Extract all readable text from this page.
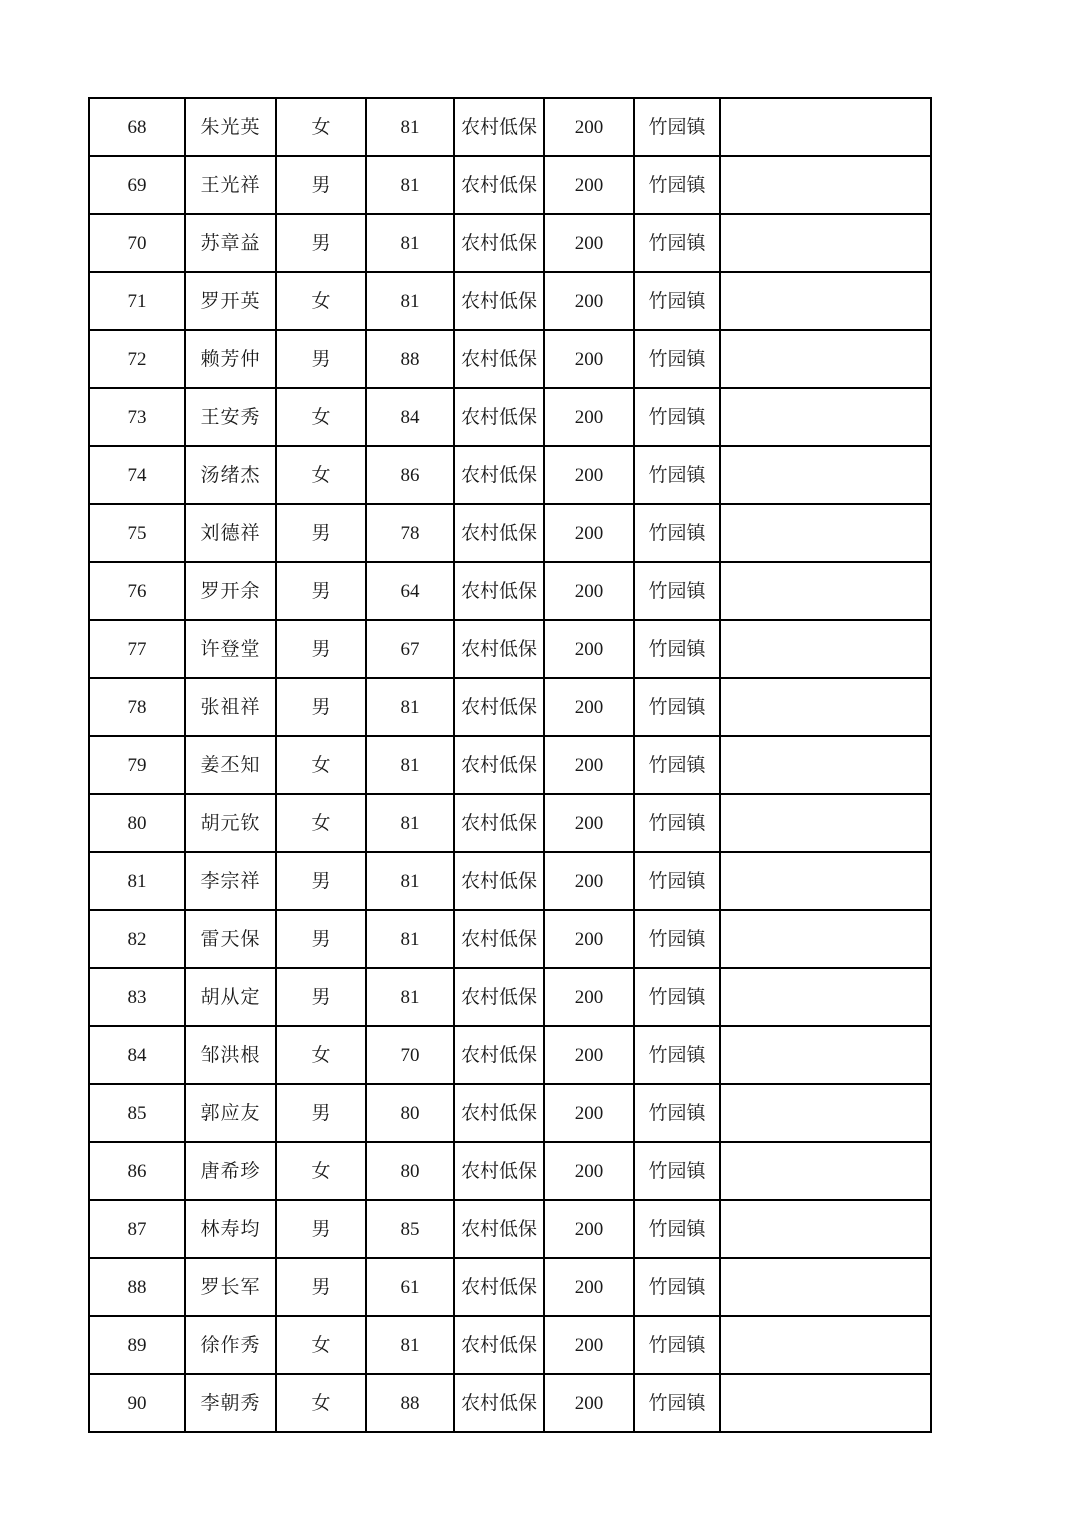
68	朱光英	女	81	农村低保	200	竹园镇	
69	王光祥	男	81	农村低保	200	竹园镇	
70	苏章益	男	81	农村低保	200	竹园镇	
71	罗开英	女	81	农村低保	200	竹园镇	
72	赖芳仲	男	88	农村低保	200	竹园镇	
73	王安秀	女	84	农村低保	200	竹园镇	
74	汤绪杰	女	86	农村低保	200	竹园镇	
75	刘德祥	男	78	农村低保	200	竹园镇	
76	罗开余	男	64	农村低保	200	竹园镇	
77	许登堂	男	67	农村低保	200	竹园镇	
78	张祖祥	男	81	农村低保	200	竹园镇	
79	姜丕知	女	81	农村低保	200	竹园镇	
80	胡元钦	女	81	农村低保	200	竹园镇	
81	李宗祥	男	81	农村低保	200	竹园镇	
82	雷天保	男	81	农村低保	200	竹园镇	
83	胡从定	男	81	农村低保	200	竹园镇	
84	邹洪根	女	70	农村低保	200	竹园镇	
85	郭应友	男	80	农村低保	200	竹园镇	
86	唐希珍	女	80	农村低保	200	竹园镇	
87	林寿均	男	85	农村低保	200	竹园镇	
88	罗长军	男	61	农村低保	200	竹园镇	
89	徐作秀	女	81	农村低保	200	竹园镇	
90	李朝秀	女	88	农村低保	200	竹园镇	
